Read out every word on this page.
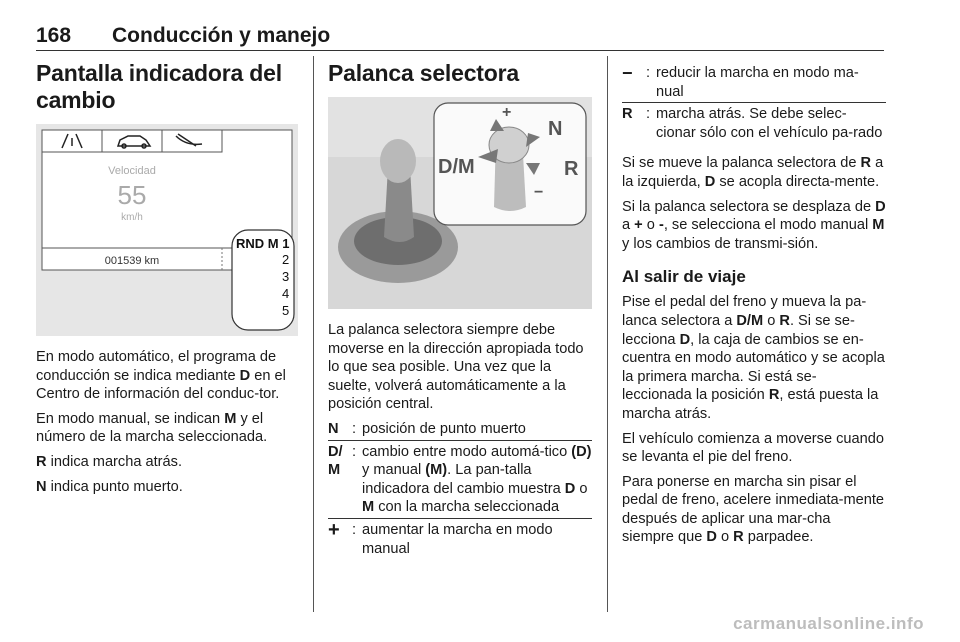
168 Conducción y manejo
Pantalla indicadora del cambio
Velocidad
55
km/h
001539 km
RND M 1
2
3
4
5

En modo automático, el programa de conducción se indica mediante D en el Centro de información del conduc-tor.

En modo manual, se indican M y el número de la marcha seleccionada.

R indica marcha atrás.

N indica punto muerto.

Palanca selectora
D/M
N
R
+
−

La palanca selectora siempre debe moverse en la dirección apropiada todo lo que sea posible. Una vez que la suelte, volverá automáticamente a la posición central.

N : posición de punto muerto
D/ M
: cambio entre modo automá-tico (D) y manual (M). La pan-talla indicadora del cambio muestra D o M con la marcha seleccionada
+ : aumentar la marcha en modo manual
− : reducir la marcha en modo ma-nual
R : marcha atrás. Se debe selec-cionar sólo con el vehículo pa-rado

Si se mueve la palanca selectora de R a la izquierda, D se acopla directa-mente.

Si la palanca selectora se desplaza de D a + o -, se selecciona el modo manual M y los cambios de transmi-sión.

Al salir de viaje

Pise el pedal del freno y mueva la pa-lanca selectora a D/M o R. Si se se-lecciona D, la caja de cambios se en-cuentra en modo automático y se acopla la primera marcha. Si está se-leccionada la posición R, está puesta la marcha atrás.

El vehículo comienza a moverse cuando se levanta el pie del freno.

Para ponerse en marcha sin pisar el pedal de freno, acelere inmediata-mente después de aplicar una mar-cha siempre que D o R parpadee.

carmanualsonline.info
